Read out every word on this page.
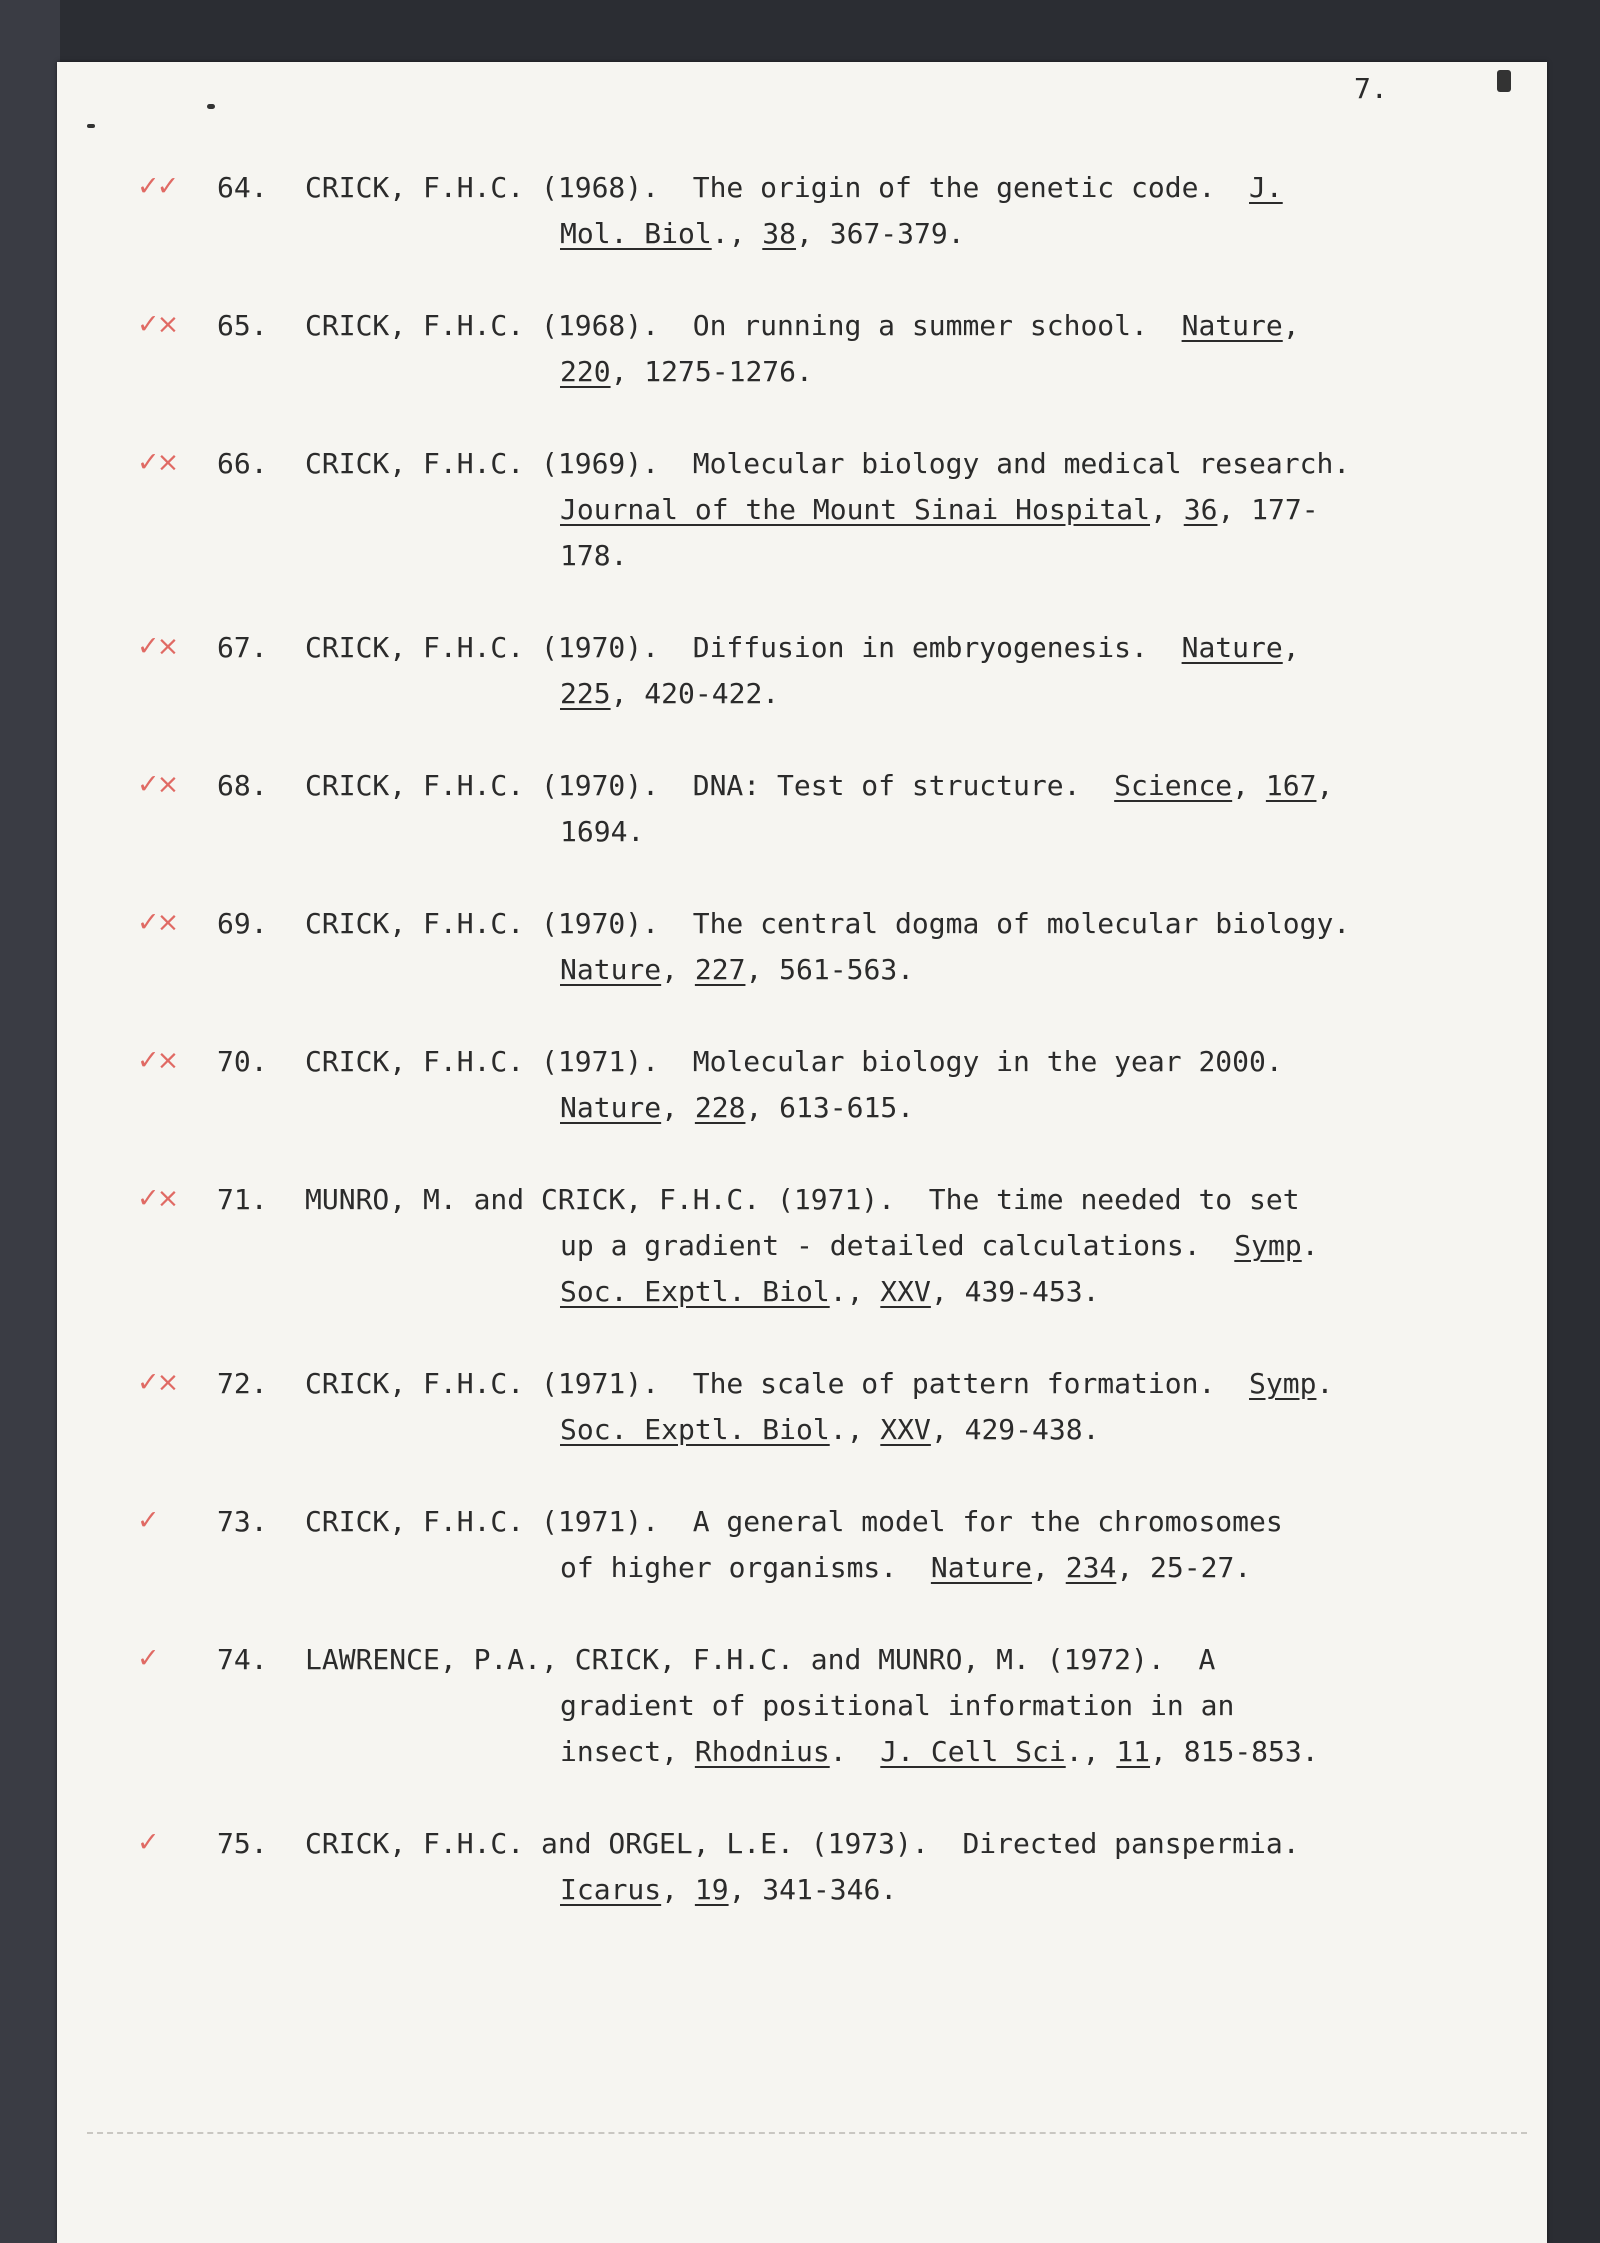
7.
✓✓ 64. CRICK, F.H.C. (1968).  The origin of the genetic code.  J.
Mol. Biol., 38, 367-379.
✓× 65. CRICK, F.H.C. (1968).  On running a summer school.  Nature,
220, 1275-1276.
✓× 66. CRICK, F.H.C. (1969).  Molecular biology and medical research.
Journal of the Mount Sinai Hospital, 36, 177-
178.
✓× 67. CRICK, F.H.C. (1970).  Diffusion in embryogenesis.  Nature,
225, 420-422.
✓× 68. CRICK, F.H.C. (1970).  DNA: Test of structure.  Science, 167,
1694.
✓× 69. CRICK, F.H.C. (1970).  The central dogma of molecular biology.
Nature, 227, 561-563.
✓× 70. CRICK, F.H.C. (1971).  Molecular biology in the year 2000.
Nature, 228, 613-615.
✓× 71. MUNRO, M. and CRICK, F.H.C. (1971).  The time needed to set
up a gradient - detailed calculations.  Symp.
Soc. Exptl. Biol., XXV, 439-453.
✓× 72. CRICK, F.H.C. (1971).  The scale of pattern formation.  Symp.
Soc. Exptl. Biol., XXV, 429-438.
✓ 73. CRICK, F.H.C. (1971).  A general model for the chromosomes
of higher organisms.  Nature, 234, 25-27.
✓ 74. LAWRENCE, P.A., CRICK, F.H.C. and MUNRO, M. (1972).  A
gradient of positional information in an
insect, Rhodnius.  J. Cell Sci., 11, 815-853.
✓ 75. CRICK, F.H.C. and ORGEL, L.E. (1973).  Directed panspermia.
Icarus, 19, 341-346.
